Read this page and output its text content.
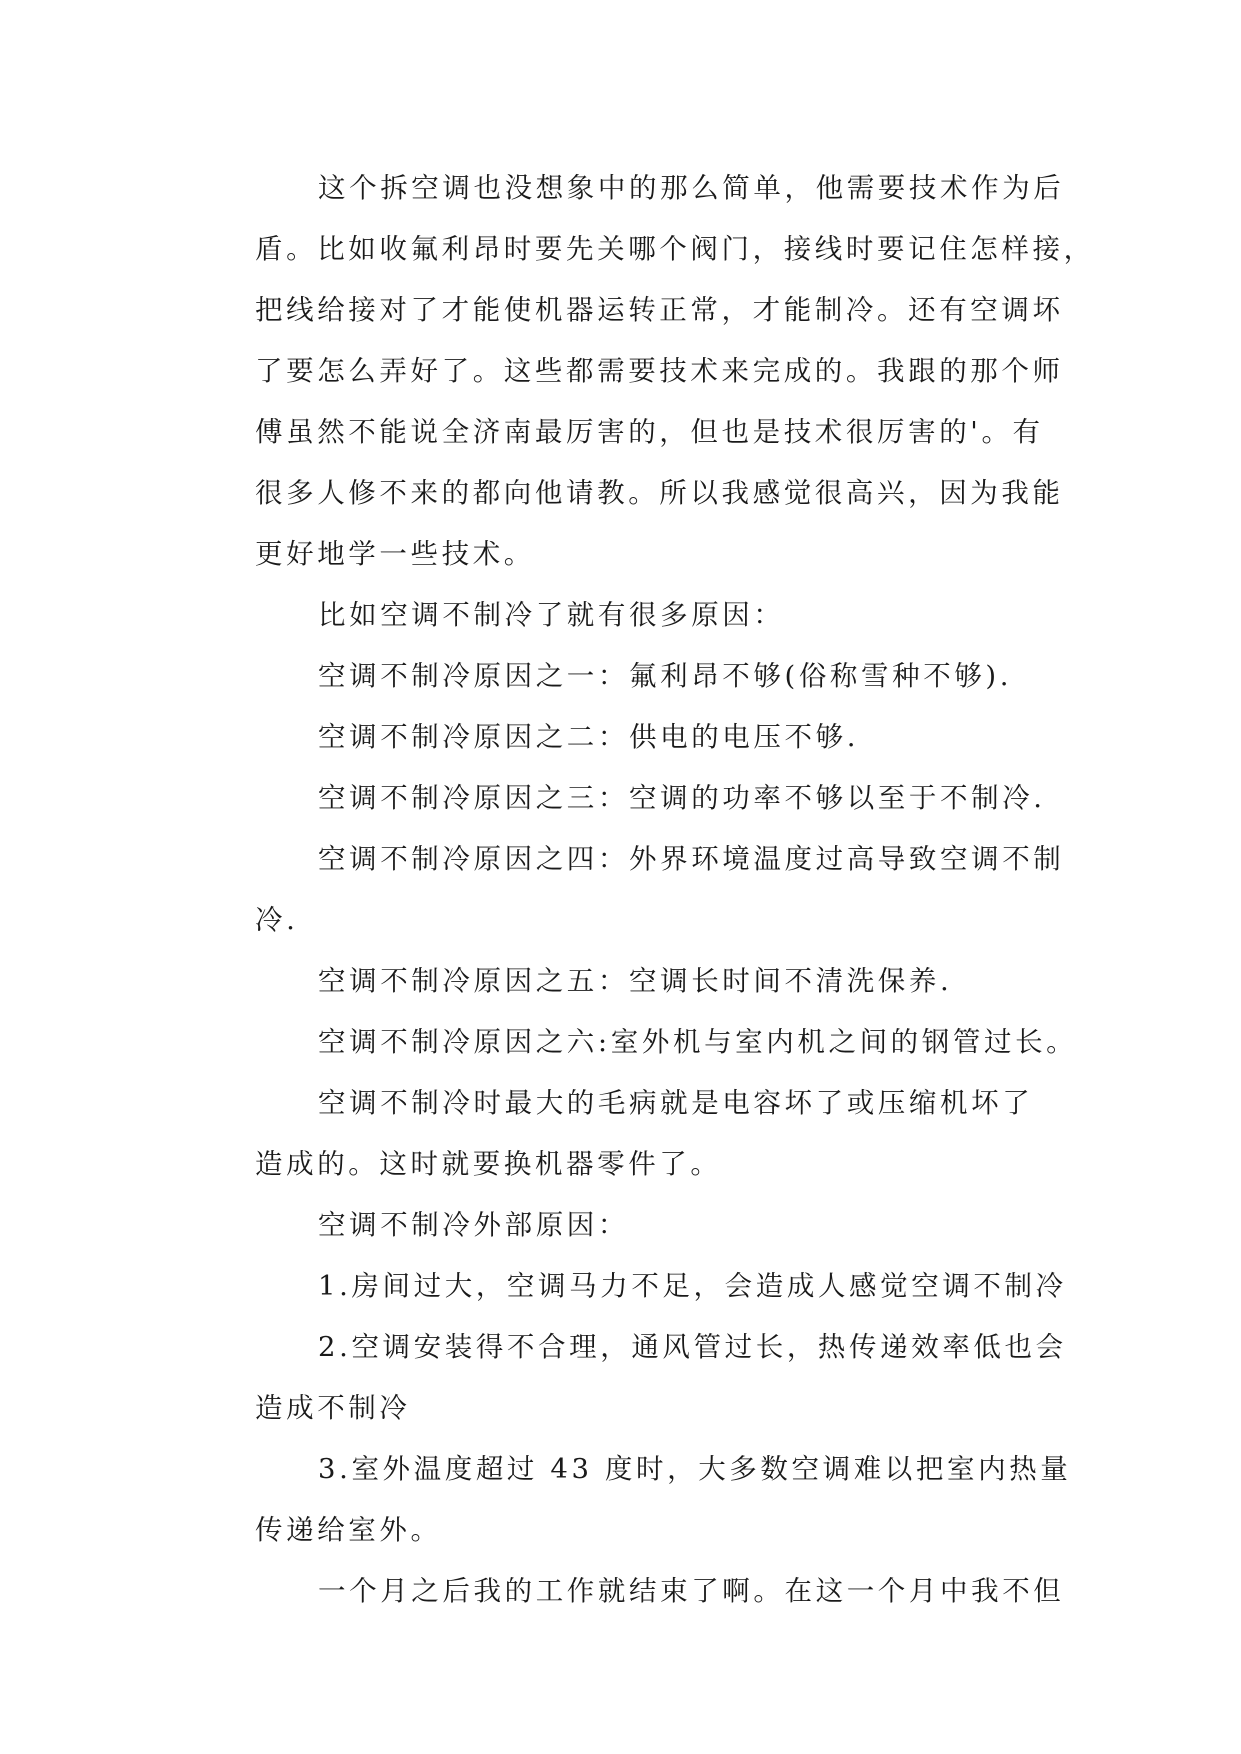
这个拆空调也没想象中的那么简单，他需要技术作为后
盾。比如收氟利昂时要先关哪个阀门，接线时要记住怎样接，
把线给接对了才能使机器运转正常，才能制冷。还有空调坏
了要怎么弄好了。这些都需要技术来完成的。我跟的那个师
傅虽然不能说全济南最厉害的，但也是技术很厉害的'。有
很多人修不来的都向他请教。所以我感觉很高兴，因为我能
更好地学一些技术。
比如空调不制冷了就有很多原因：
空调不制冷原因之一：氟利昂不够(俗称雪种不够).
空调不制冷原因之二：供电的电压不够.
空调不制冷原因之三：空调的功率不够以至于不制冷.
空调不制冷原因之四：外界环境温度过高导致空调不制
冷.
空调不制冷原因之五：空调长时间不清洗保养.
空调不制冷原因之六:室外机与室内机之间的钢管过长。
空调不制冷时最大的毛病就是电容坏了或压缩机坏了
造成的。这时就要换机器零件了。
空调不制冷外部原因：
1.房间过大，空调马力不足，会造成人感觉空调不制冷
2.空调安装得不合理，通风管过长，热传递效率低也会
造成不制冷
3.室外温度超过 43 度时，大多数空调难以把室内热量
传递给室外。
一个月之后我的工作就结束了啊。在这一个月中我不但
